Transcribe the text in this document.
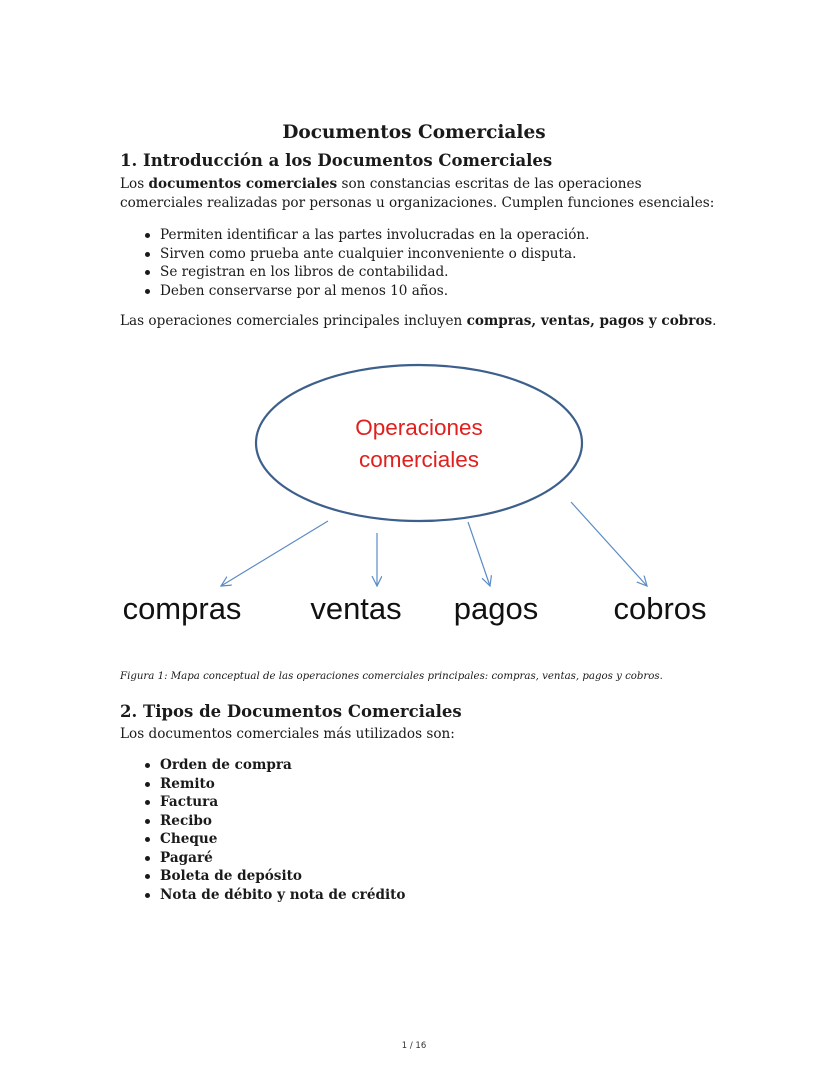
Documentos Comerciales
1. Introducción a los Documentos Comerciales

Los documentos comerciales son constancias escritas de las operaciones comerciales realizadas por personas u organizaciones. Cumplen funciones esenciales:

Permiten identificar a las partes involucradas en la operación.
Sirven como prueba ante cualquier inconveniente o disputa.
Se registran en los libros de contabilidad.
Deben conservarse por al menos 10 años.

Las operaciones comerciales principales incluyen compras, ventas, pagos y cobros.

Operaciones
comerciales
compras ventas pagos cobros

Figura 1: Mapa conceptual de las operaciones comerciales principales: compras, ventas, pagos y cobros.

2. Tipos de Documentos Comerciales

Los documentos comerciales más utilizados son:

Orden de compra
Remito
Factura
Recibo
Cheque
Pagaré
Boleta de depósito
Nota de débito y nota de crédito
1 / 16
